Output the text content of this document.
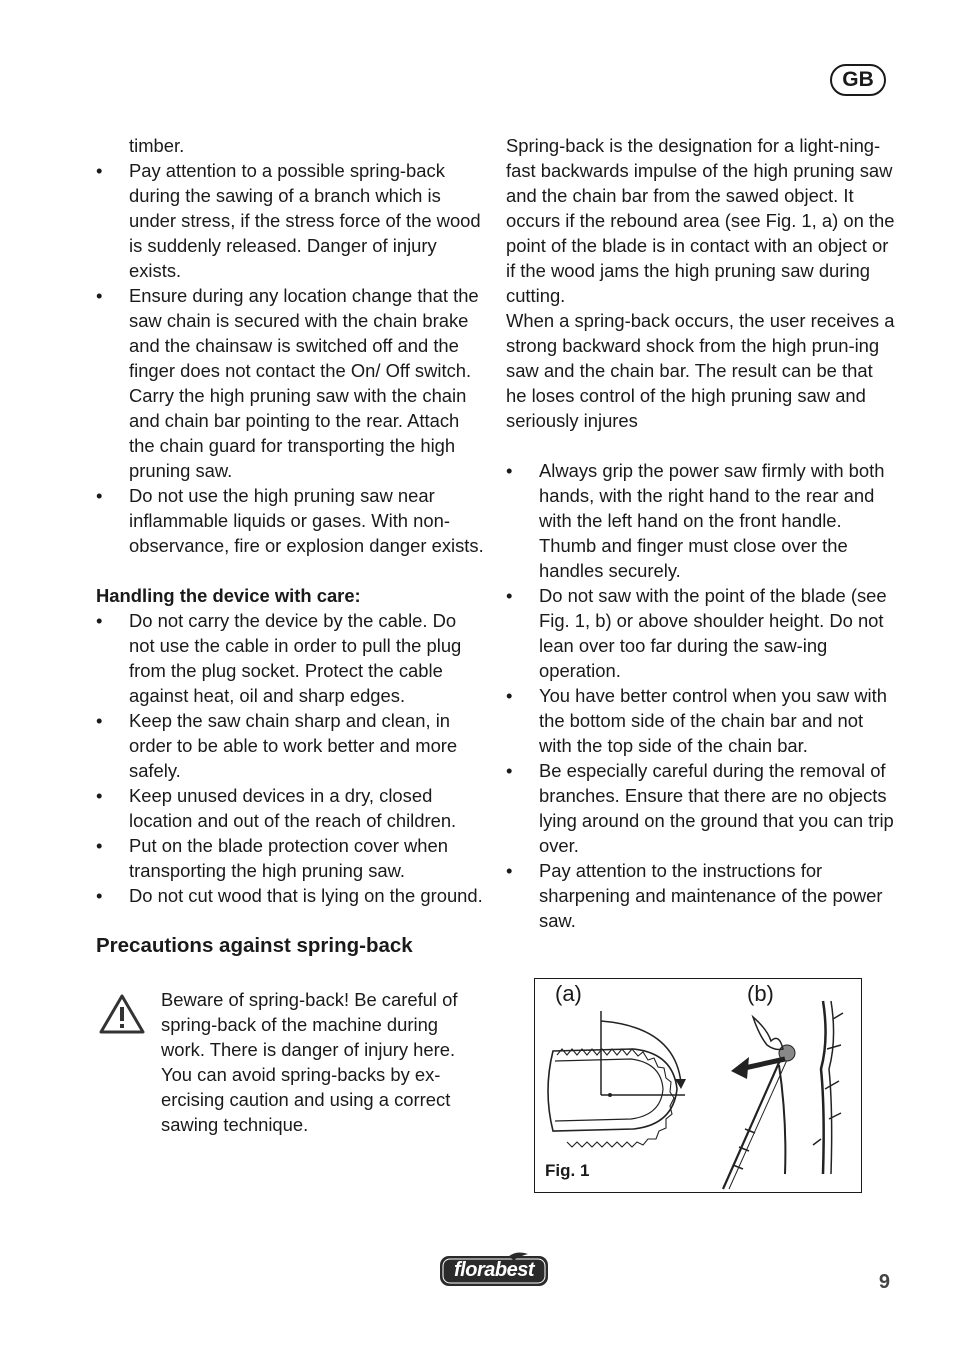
GB

timber.

• Pay attention to a possible spring-back during the sawing of a branch which is under stress, if the stress force of the wood is suddenly released. Danger of injury exists.
• Ensure during any location change that the saw chain is secured with the chain brake and the chainsaw is switched off and the finger does not contact the On/ Off switch. Carry the high pruning saw with the chain and chain bar pointing to the rear. Attach the chain guard for transporting the high pruning saw.
• Do not use the high pruning saw near inflammable liquids or gases. With non-observance, fire or explosion danger exists.

Handling the device with care:

• Do not carry the device by the cable. Do not use the cable in order to pull the plug from the plug socket. Protect the cable against heat, oil and sharp edges.
• Keep the saw chain sharp and clean, in order to be able to work better and more safely.
• Keep unused devices in a dry, closed location and out of the reach of children.
• Put on the blade protection cover when transporting the high pruning saw.
• Do not cut wood that is lying on the ground.

Precautions against spring-back

Beware of spring-back! Be careful of spring-back of the machine during work. There is danger of injury here. You can avoid spring-backs by ex-ercising caution and using a correct sawing technique.

Spring-back is the designation for a light-ning-fast backwards impulse of the high pruning saw and the chain bar from the sawed object. It occurs if the rebound area (see Fig. 1, a) on the point of the blade is in contact with an object or if the wood jams the high pruning saw during cutting.

When a spring-back occurs, the user receives a strong backward shock from the high prun-ing saw and the chain bar. The result can be that he loses control of the high pruning saw and seriously injures

• Always grip the power saw firmly with both hands, with the right hand to the rear and with the left hand on the front handle. Thumb and finger must close over the handles securely.
• Do not saw with the point of the blade (see Fig. 1, b) or above shoulder height. Do not lean over too far during the saw-ing operation.
• You have better control when you saw with the bottom side of the chain bar and not with the top side of the chain bar.
• Be especially careful during the removal of branches. Ensure that there are no objects lying around on the ground that you can trip over.
• Pay attention to the instructions for sharpening and maintenance of the power saw.
(a)	(b)
Fig. 1
florabest
9
